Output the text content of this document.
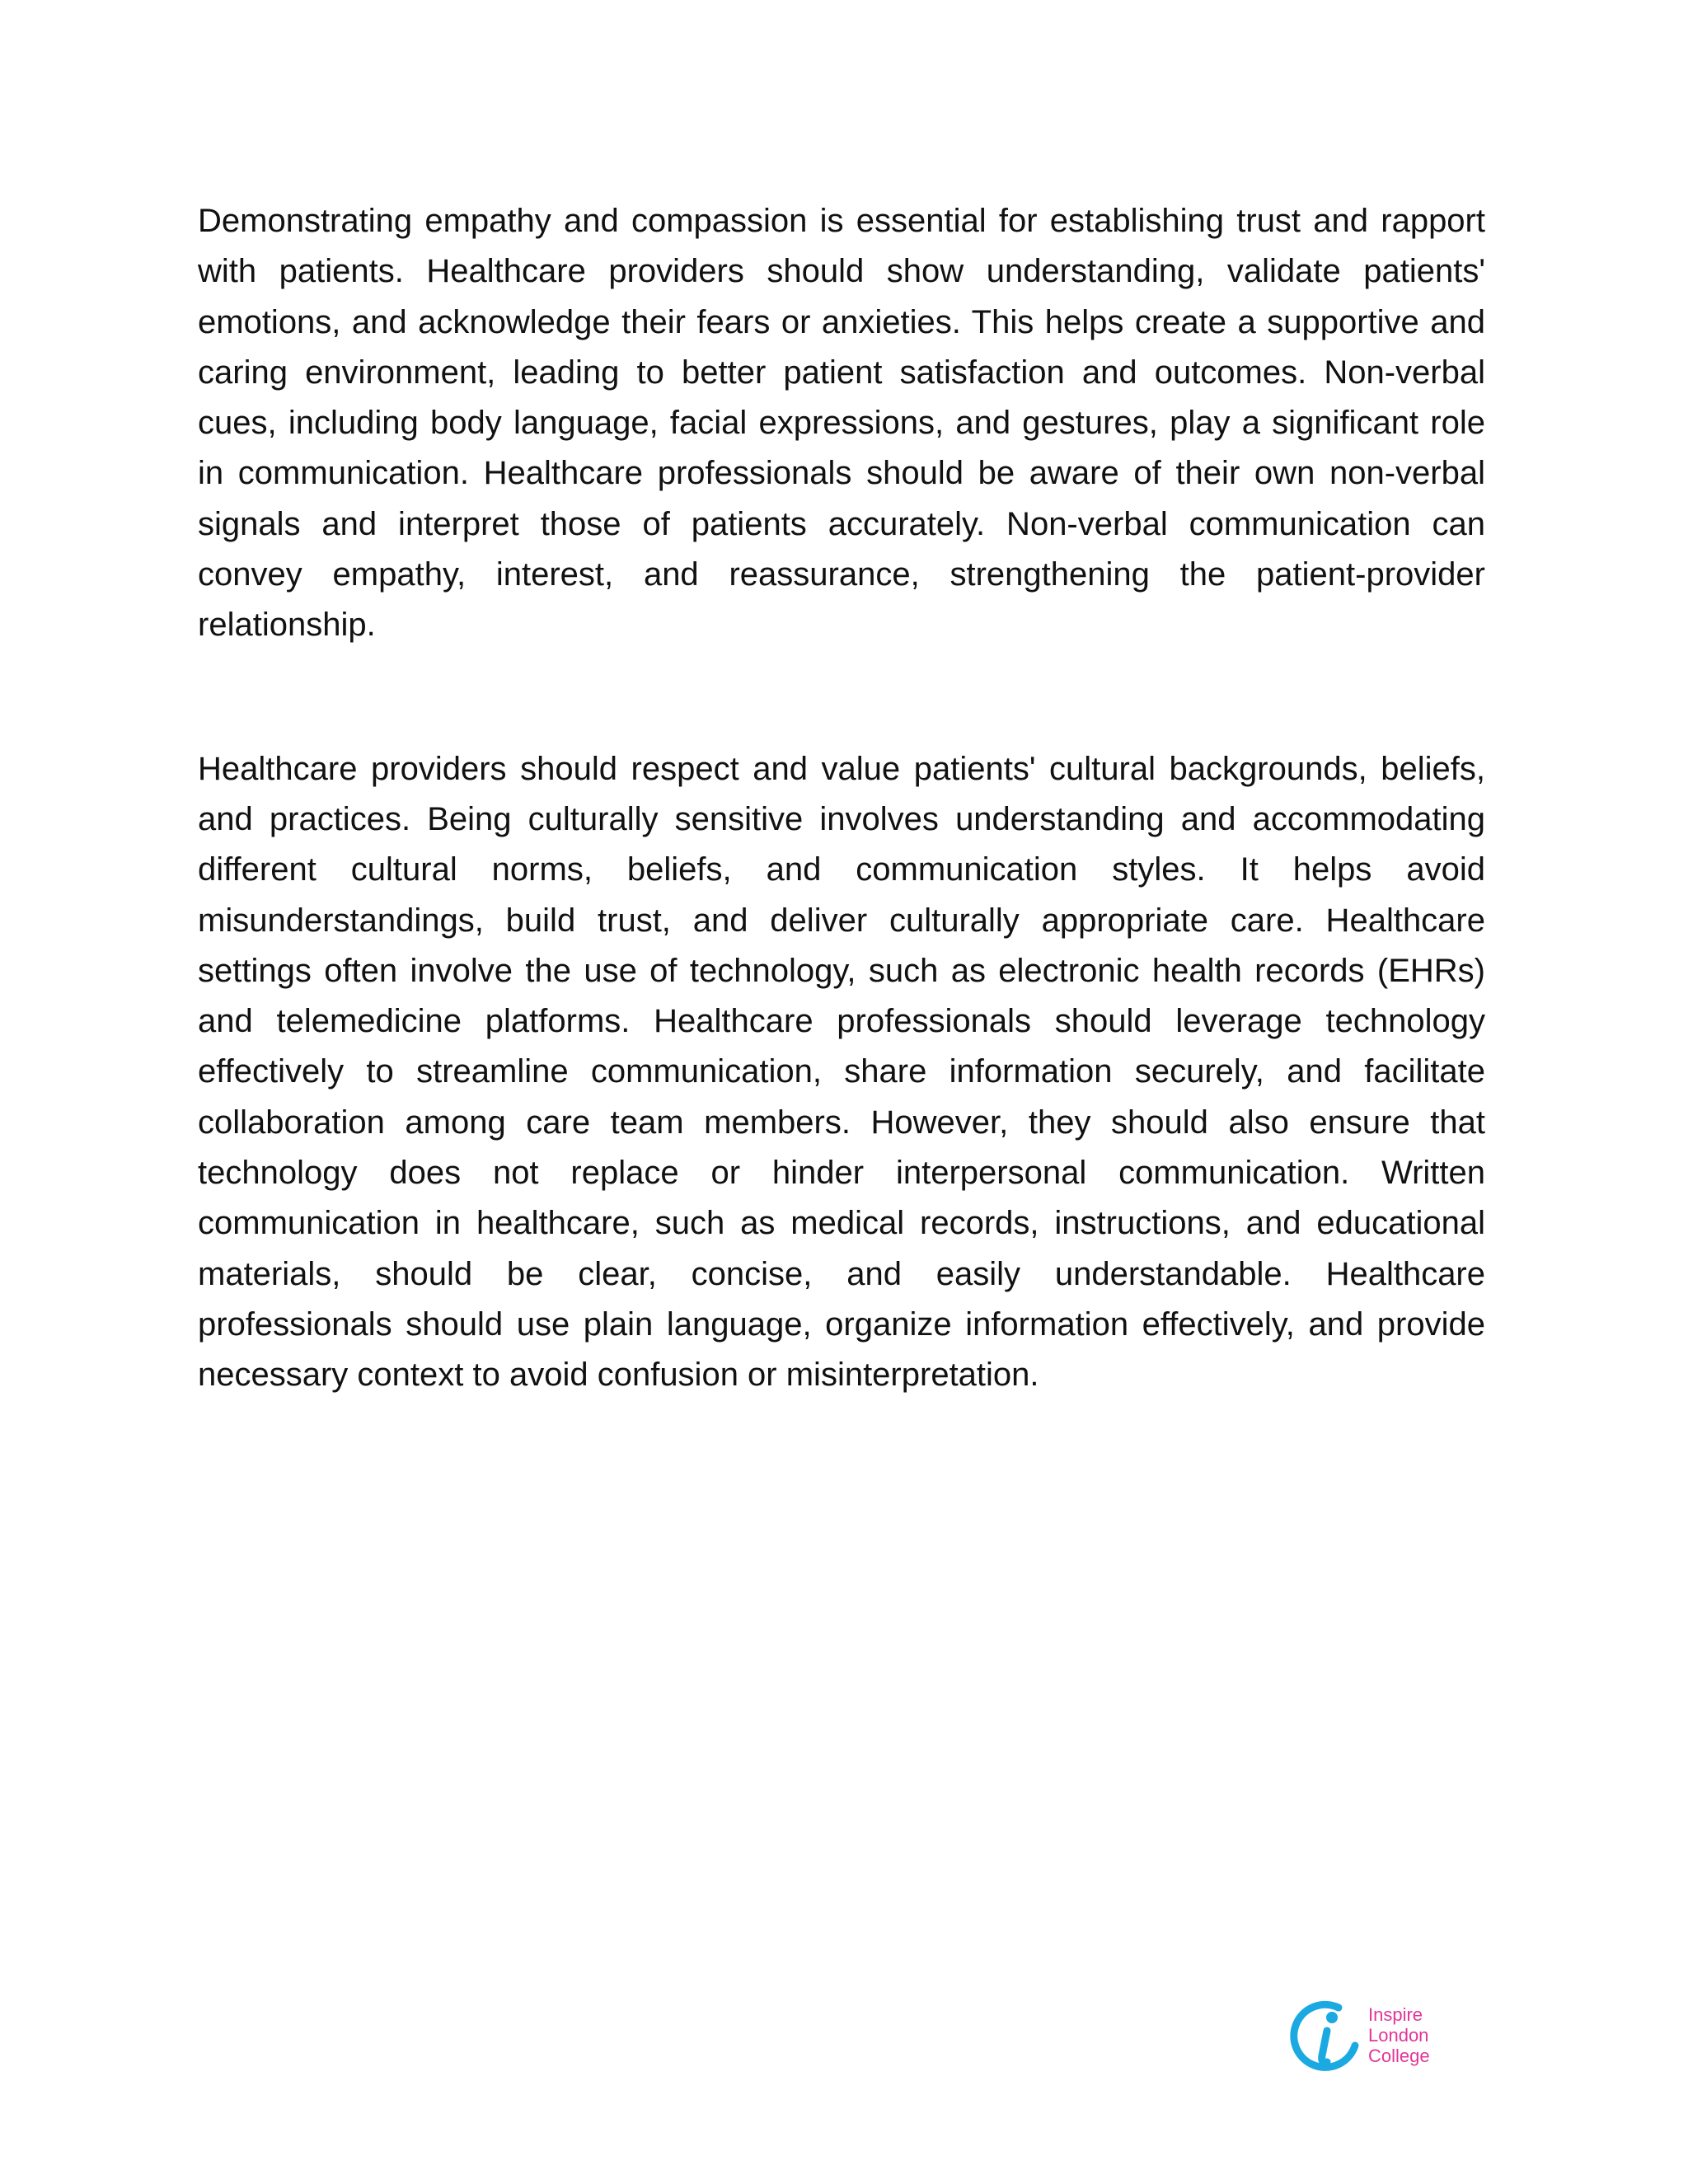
Demonstrating empathy and compassion is essential for establishing trust and rapport with patients. Healthcare providers should show understanding, validate patients' emotions, and acknowledge their fears or anxieties. This helps create a supportive and caring environment, leading to better patient satisfaction and outcomes. Non-verbal cues, including body language, facial expressions, and gestures, play a significant role in communication. Healthcare professionals should be aware of their own non-verbal signals and interpret those of patients accurately. Non-verbal communication can convey empathy, interest, and reassurance, strengthening the patient-provider relationship.

Healthcare providers should respect and value patients' cultural backgrounds, beliefs, and practices. Being culturally sensitive involves understanding and accommodating different cultural norms, beliefs, and communication styles. It helps avoid misunderstandings, build trust, and deliver culturally appropriate care. Healthcare settings often involve the use of technology, such as electronic health records (EHRs) and telemedicine platforms. Healthcare professionals should leverage technology effectively to streamline communication, share information securely, and facilitate collaboration among care team members. However, they should also ensure that technology does not replace or hinder interpersonal communication. Written communication in healthcare, such as medical records, instructions, and educational materials, should be clear, concise, and easily understandable. Healthcare professionals should use plain language, organize information effectively, and provide necessary context to avoid confusion or misinterpretation.

Inspire
London
College
